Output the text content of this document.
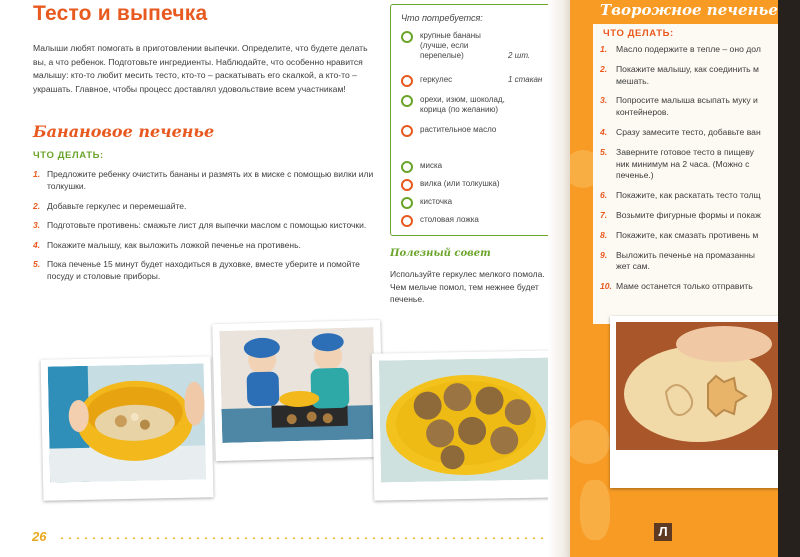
Тесто и выпечка
Малыши любят помогать в приготовлении выпечки. Определите, что будете делать вы, а что ребенок. Подготовьте ингредиенты. Наблюдайте, что особенно нравится малышу: кто-то любит месить тесто, кто-то – раскатывать его скалкой, а кто-то – украшать. Главное, чтобы процесс доставлял удовольствие всем участникам!
Банановое печенье
ЧТО ДЕЛАТЬ:
1. Предложите ребенку очистить бананы и размять их в миске с помощью вилки или толкушки.
2. Добавьте геркулес и перемешайте.
3. Подготовьте противень: смажьте лист для выпечки маслом с помощью кисточки.
4. Покажите малышу, как выложить ложкой печенье на противень.
5. Пока печенье 15 минут будет находиться в духовке, вместе уберите и помойте посуду и столовые приборы.
Что потребуется:
крупные бананы (лучше, если перепелые)	2 шт.
геркулес	1 стакан
орехи, изюм, шоколад, корица (по желанию)
растительное масло
миска
вилка (или толкушка)
кисточка
столовая ложка
Полезный совет
Используйте геркулес мелкого помола. Чем мельче помол, тем нежнее будет печенье.
26
Творожное печенье
ЧТО ДЕЛАТЬ:
1. Масло подержите в тепле – оно дол
2. Покажите малышу, как соединить м
мешать.
3. Попросите малыша всыпать муку и
контейнеров.
4. Сразу замесите тесто, добавьте ван
5. Заверните готовое тесто в пищеву
ник минимум на 2 часа. (Можно с
печенье.)
6. Покажите, как раскатать тесто толщ
7. Возьмите фигурные формы и покаж
8. Покажите, как смазать противень м
9. Выложить печенье на промазанны
жет сам.
10. Маме останется только отправить
Л
